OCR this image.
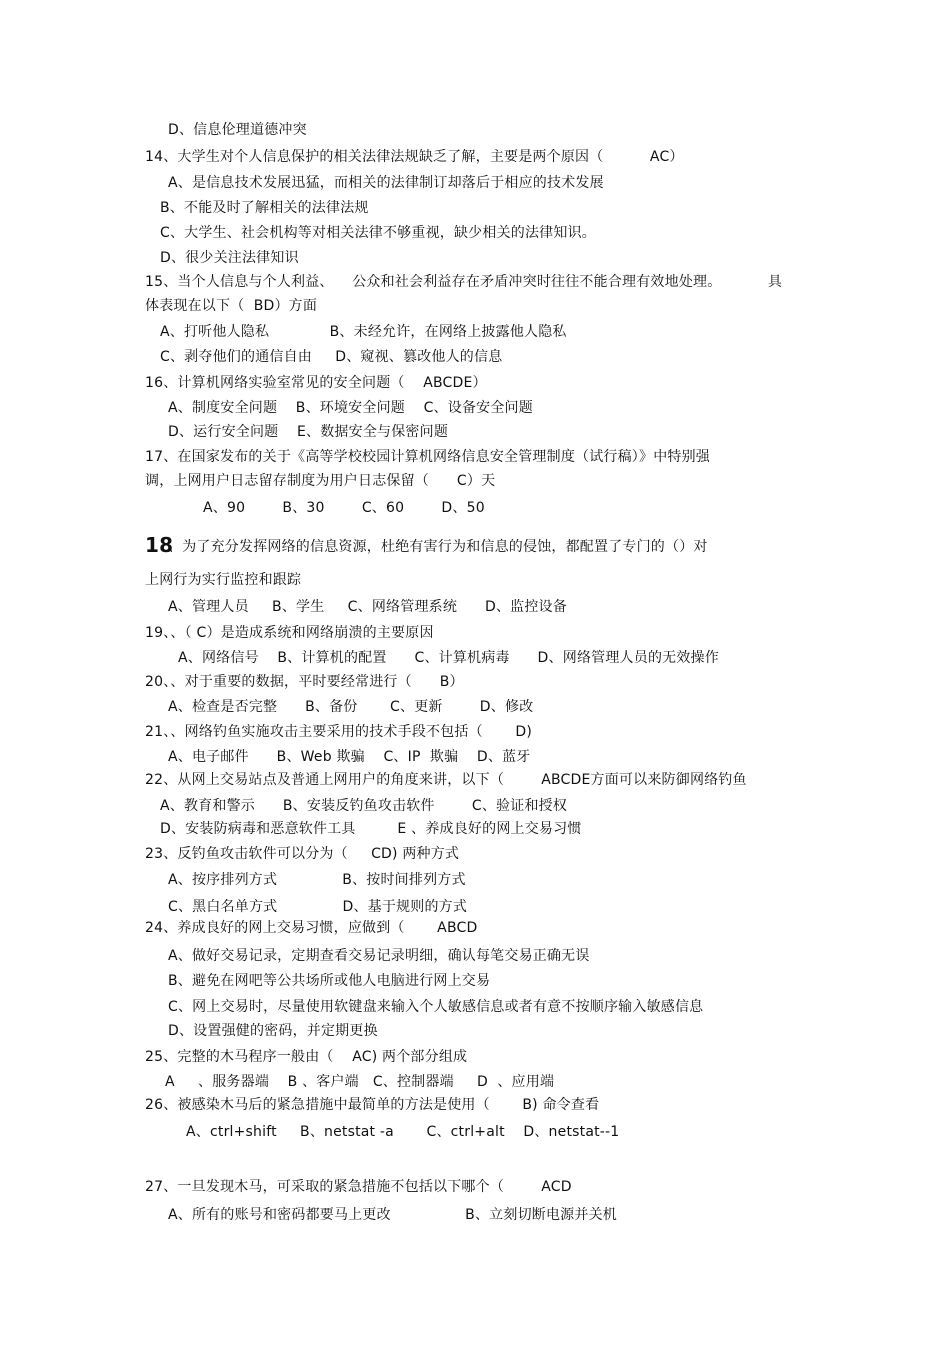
D、信息伦理道德冲突
14、大学生对个人信息保护的相关法律法规缺乏了解，主要是两个原因（          AC）
A、是信息技术发展迅猛，而相关的法律制订却落后于相应的技术发展
B、不能及时了解相关的法律法规
C、大学生、社会机构等对相关法律不够重视，缺少相关的法律知识。
D、很少关注法律知识
15、当个人信息与个人利益、    公众和社会利益存在矛盾冲突时往往不能合理有效地处理。          具
体表现在以下（  BD）方面
A、打听他人隐私             B、未经允许，在网络上披露他人隐私
C、剥夺他们的通信自由     D、窥视、篡改他人的信息
16、计算机网络实验室常见的安全问题（    ABCDE）
A、制度安全问题    B、环境安全问题    C、设备安全问题
D、运行安全问题    E、数据安全与保密问题
17、在国家发布的关于《高等学校校园计算机网络信息安全管理制度（试行稿）》中特别强
调，上网用户日志留存制度为用户日志保留（      C）天
A、90        B、30        C、60        D、50
18
、为了充分发挥网络的信息资源，杜绝有害行为和信息的侵蚀，都配置了专门的（）对
上网行为实行监控和跟踪
A、管理人员     B、学生     C、网络管理系统      D、监控设备
19、、（ C）是造成系统和网络崩溃的主要原因
A、网络信号    B、计算机的配置      C、计算机病毒      D、网络管理人员的无效操作
20、、对于重要的数据，平时要经常进行（      B）
A、检查是否完整      B、备份       C、更新        D、修改
21、、网络钓鱼实施攻击主要采用的技术手段不包括（       D)
A、电子邮件      B、Web 欺骗    C、IP  欺骗    D、蓝牙
22、从网上交易站点及普通上网用户的角度来讲，以下（        ABCDE方面可以来防御网络钓鱼
A、教育和警示      B、安装反钓鱼攻击软件        C、验证和授权
D、安装防病毒和恶意软件工具         E 、养成良好的网上交易习惯
23、反钓鱼攻击软件可以分为（     CD) 两种方式
A、按序排列方式              B、按时间排列方式
C、黑白名单方式              D、基于规则的方式
24、养成良好的网上交易习惯，应做到（       ABCD
A、做好交易记录，定期查看交易记录明细，确认每笔交易正确无误
B、避免在网吧等公共场所或他人电脑进行网上交易
C、网上交易时，尽量使用软键盘来输入个人敏感信息或者有意不按顺序输入敏感信息
D、设置强健的密码，并定期更换
25、完整的木马程序一般由（    AC) 两个部分组成
A     、服务器端    B 、客户端   C、控制器端     D  、应用端
26、被感染木马后的紧急措施中最简单的方法是使用（       B) 命令查看
A、ctrl+shift     B、netstat -a       C、ctrl+alt    D、netstat--1
27、一旦发现木马，可采取的紧急措施不包括以下哪个（        ACD
A、所有的账号和密码都要马上更改                B、立刻切断电源并关机
